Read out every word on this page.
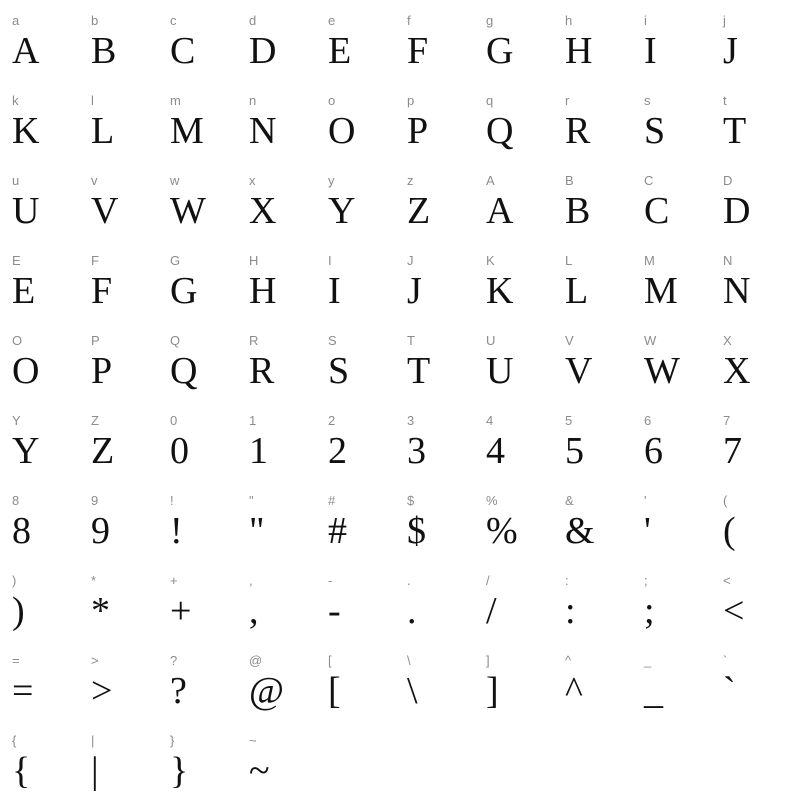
a
A
b
B
c
C
d
D
e
E
f
F
g
G
h
H
i
I
j
J
k
K
l
L
m
M
n
N
o
O
p
P
q
Q
r
R
s
S
t
T
u
U
v
V
w
W
x
X
y
Y
z
Z
A
A
B
B
C
C
D
D
E
E
F
F
G
G
H
H
I
I
J
J
K
K
L
L
M
M
N
N
O
O
P
P
Q
Q
R
R
S
S
T
T
U
U
V
V
W
W
X
X
Y
Y
Z
Z
0
0
1
1
2
2
3
3
4
4
5
5
6
6
7
7
8
8
9
9
!
!
"
"
#
#
$
$
%
%
&
&
'
'
(
(
)
)
*
*
+
+
,
,
-
-
.
.
/
/
:
:
;
;
<
<
=
=
>
>
?
?
@
@
[
[
\
\
]
]
^
^
_
_
`
`
{
{
|
|
}
}
~
~
